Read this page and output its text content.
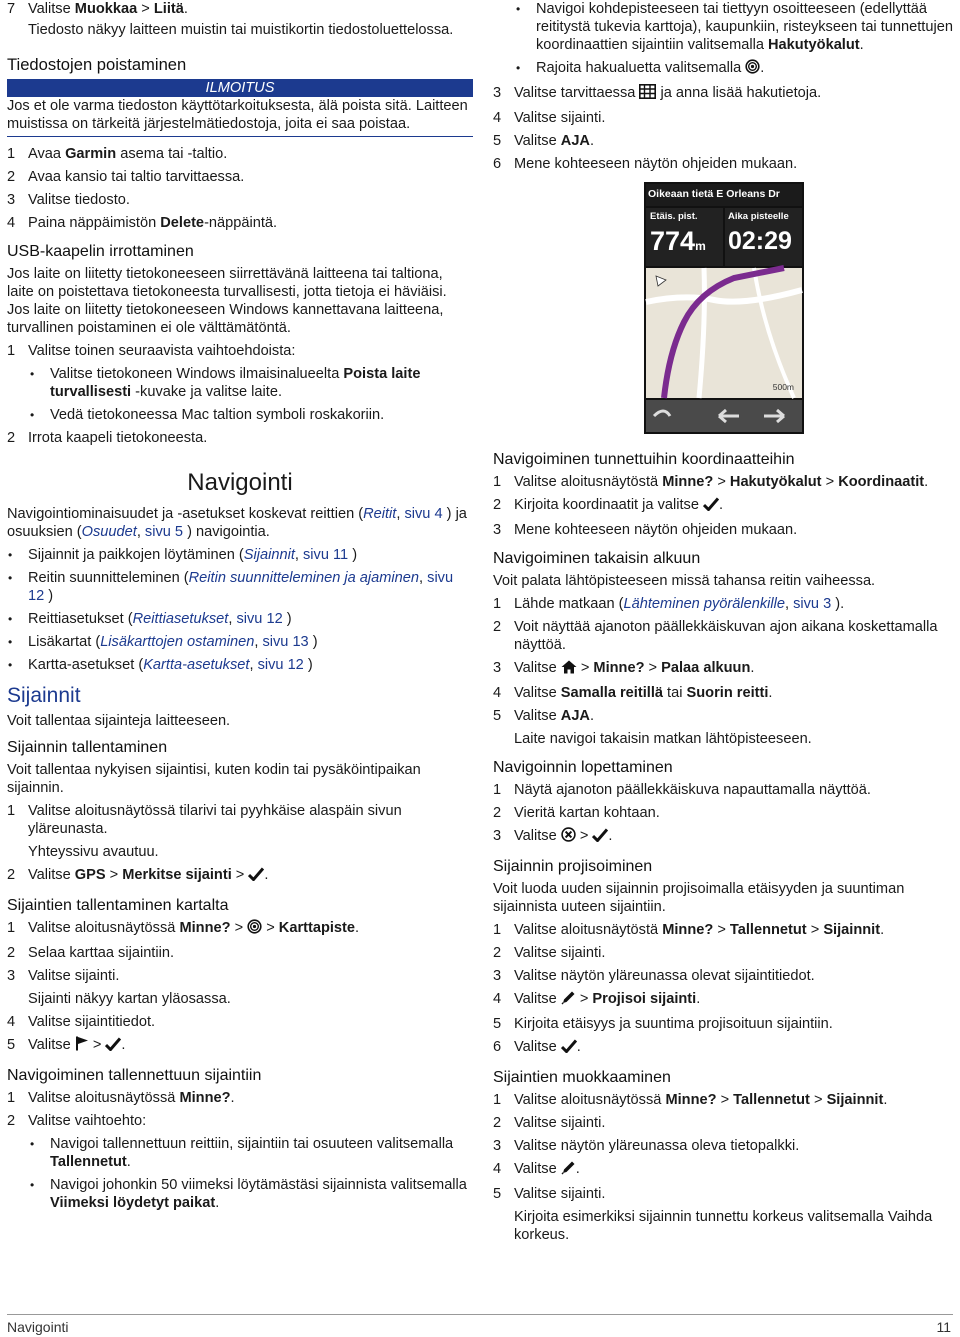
7 Valitse Muokkaa > Liitä.

Tiedosto näkyy laitteen muistin tai muistikortin tiedostoluettelossa.

Tiedostojen poistaminen
ILMOITUS

Jos et ole varma tiedoston käyttötarkoituksesta, älä poista sitä. Laitteen muistissa on tärkeitä järjestelmätiedostoja, joita ei saa poistaa.

1 Avaa Garmin asema tai -taltio.
2 Avaa kansio tai taltio tarvittaessa.
3 Valitse tiedosto.
4 Paina näppäimistön Delete-näppäintä.
USB-kaapelin irrottaminen

Jos laite on liitetty tietokoneeseen siirrettävänä laitteena tai taltiona, laite on poistettava tietokoneesta turvallisesti, jotta tietoja ei häviäisi. Jos laite on liitetty tietokoneeseen Windows kannettavana laitteena, turvallinen poistaminen ei ole välttämätöntä.

1 Valitse toinen seuraavista vaihtoehdoista:
• Valitse tietokoneen Windows ilmaisinalueelta Poista laite turvallisesti -kuvake ja valitse laite.
• Vedä tietokoneessa Mac taltion symboli roskakoriin.
2 Irrota kaapeli tietokoneesta.
Navigointi

Navigointiominaisuudet ja -asetukset koskevat reittien (Reitit, sivu 4 ) ja osuuksien (Osuudet, sivu 5 ) navigointia.

• Sijainnit ja paikkojen löytäminen (Sijainnit, sivu 11 )
• Reitin suunnitteleminen (Reitin suunnitteleminen ja ajaminen, sivu 12 )
• Reittiasetukset (Reittiasetukset, sivu 12 )
• Lisäkartat (Lisäkarttojen ostaminen, sivu 13 )
• Kartta-asetukset (Kartta-asetukset, sivu 12 )
Sijainnit

Voit tallentaa sijainteja laitteeseen.

Sijainnin tallentaminen

Voit tallentaa nykyisen sijaintisi, kuten kodin tai pysäköintipaikan sijainnin.

1 Valitse aloitusnäytössä tilarivi tai pyyhkäise alaspäin sivun yläreunasta.

Yhteyssivu avautuu.

2 Valitse GPS > Merkitse sijainti > .
Sijaintien tallentaminen kartalta
1 Valitse aloitusnäytössä Minne? >  > Karttapiste.
2 Selaa karttaa sijaintiin.
3 Valitse sijainti.

Sijainti näkyy kartan yläosassa.

4 Valitse sijaintitiedot.
5 Valitse  > .
Navigoiminen tallennettuun sijaintiin
1 Valitse aloitusnäytössä Minne?.
2 Valitse vaihtoehto:
• Navigoi tallennettuun reittiin, sijaintiin tai osuuteen valitsemalla Tallennetut.
• Navigoi johonkin 50 viimeksi löytämästäsi sijainnista valitsemalla Viimeksi löydetyt paikat.
• Navigoi kohdepisteeseen tai tiettyyn osoitteeseen (edellyttää reititystä tukevia karttoja), kaupunkiin, risteykseen tai tunnettujen koordinaattien sijaintiin valitsemalla Hakutyökalut.
• Rajoita hakualuetta valitsemalla .
3 Valitse tarvittaessa  ja anna lisää hakutietoja.
4 Valitse sijainti.
5 Valitse AJA.
6 Mene kohteeseen näytön ohjeiden mukaan.
Oikeaan tietä E Orleans Dr
Etäis. pist.
774m
Aika pisteelle
02:29
500m
Navigoiminen tunnettuihin koordinaatteihin
1 Valitse aloitusnäytöstä Minne? > Hakutyökalut > Koordinaatit.
2 Kirjoita koordinaatit ja valitse .
3 Mene kohteeseen näytön ohjeiden mukaan.
Navigoiminen takaisin alkuun

Voit palata lähtöpisteeseen missä tahansa reitin vaiheessa.

1 Lähde matkaan (Lähteminen pyörälenkille, sivu 3 ).
2 Voit näyttää ajanoton päällekkäiskuvan ajon aikana koskettamalla näyttöä.
3 Valitse  > Minne? > Palaa alkuun.
4 Valitse Samalla reitillä tai Suorin reitti.
5 Valitse AJA.

Laite navigoi takaisin matkan lähtöpisteeseen.

Navigoinnin lopettaminen
1 Näytä ajanoton päällekkäiskuva napauttamalla näyttöä.
2 Vieritä kartan kohtaan.
3 Valitse  > .
Sijainnin projisoiminen

Voit luoda uuden sijainnin projisoimalla etäisyyden ja suuntiman sijainnista uuteen sijaintiin.

1 Valitse aloitusnäytöstä Minne? > Tallennetut > Sijainnit.
2 Valitse sijainti.
3 Valitse näytön yläreunassa olevat sijaintitiedot.
4 Valitse  > Projisoi sijainti.
5 Kirjoita etäisyys ja suuntima projisoituun sijaintiin.
6 Valitse .
Sijaintien muokkaaminen
1 Valitse aloitusnäytössä Minne? > Tallennetut > Sijainnit.
2 Valitse sijainti.
3 Valitse näytön yläreunassa oleva tietopalkki.
4 Valitse .
5 Valitse sijainti.

Kirjoita esimerkiksi sijainnin tunnettu korkeus valitsemalla Vaihda korkeus.

Navigointi	11
